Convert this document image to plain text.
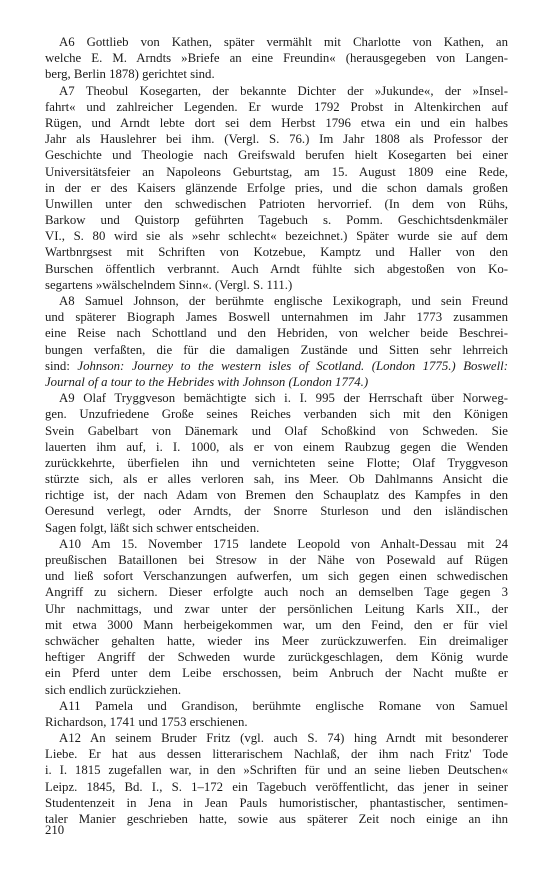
A6 Gottlieb von Kathen, später vermählt mit Charlotte von Kathen, an
welche E. M. Arndts »Briefe an eine Freundin« (herausgegeben von Langen-
berg, Berlin 1878) gerichtet sind.
A7 Theobul Kosegarten, der bekannte Dichter der »Jukunde«, der »Insel-
fahrt« und zahlreicher Legenden. Er wurde 1792 Probst in Altenkirchen auf
Rügen, und Arndt lebte dort sei dem Herbst 1796 etwa ein und ein halbes
Jahr als Hauslehrer bei ihm. (Vergl. S. 76.) Im Jahr 1808 als Professor der
Geschichte und Theologie nach Greifswald berufen hielt Kosegarten bei einer
Universitätsfeier an Napoleons Geburtstag, am 15. August 1809 eine Rede,
in der er des Kaisers glänzende Erfolge pries, und die schon damals großen
Unwillen unter den schwedischen Patrioten hervorrief. (In dem von Rühs,
Barkow und Quistorp geführten Tagebuch s. Pomm. Geschichtsdenkmäler
VI., S. 80 wird sie als »sehr schlecht« bezeichnet.) Später wurde sie auf dem
Wartbnrgsest mit Schriften von Kotzebue, Kamptz und Haller von den
Burschen öffentlich verbrannt. Auch Arndt fühlte sich abgestoßen von Ko-
segartens »wälschelndem Sinn«. (Vergl. S. 111.)
A8 Samuel Johnson, der berühmte englische Lexikograph, und sein Freund
und späterer Biograph James Boswell unternahmen im Jahr 1773 zusammen
eine Reise nach Schottland und den Hebriden, von welcher beide Beschrei-
bungen verfaßten, die für die damaligen Zustände und Sitten sehr lehrreich
sind: Johnson: Journey to the western isles of Scotland. (London 1775.) Boswell:
Journal of a tour to the Hebrides with Johnson (London 1774.)
A9 Olaf Tryggveson bemächtigte sich i. I. 995 der Herrschaft über Norweg-
gen. Unzufriedene Große seines Reiches verbanden sich mit den Königen
Svein Gabelbart von Dänemark und Olaf Schoßkind von Schweden. Sie
lauerten ihm auf, i. I. 1000, als er von einem Raubzug gegen die Wenden
zurückkehrte, überfielen ihn und vernichteten seine Flotte; Olaf Tryggveson
stürzte sich, als er alles verloren sah, ins Meer. Ob Dahlmanns Ansicht die
richtige ist, der nach Adam von Bremen den Schauplatz des Kampfes in den
Oeresund verlegt, oder Arndts, der Snorre Sturleson und den isländischen
Sagen folgt, läßt sich schwer entscheiden.
A10 Am 15. November 1715 landete Leopold von Anhalt-Dessau mit 24
preußischen Bataillonen bei Stresow in der Nähe von Posewald auf Rügen
und ließ sofort Verschanzungen aufwerfen, um sich gegen einen schwedischen
Angriff zu sichern. Dieser erfolgte auch noch an demselben Tage gegen 3
Uhr nachmittags, und zwar unter der persönlichen Leitung Karls XII., der
mit etwa 3000 Mann herbeigekommen war, um den Feind, den er für viel
schwächer gehalten hatte, wieder ins Meer zurückzuwerfen. Ein dreimaliger
heftiger Angriff der Schweden wurde zurückgeschlagen, dem König wurde
ein Pferd unter dem Leibe erschossen, beim Anbruch der Nacht mußte er
sich endlich zurückziehen.
A11 Pamela und Grandison, berühmte englische Romane von Samuel
Richardson, 1741 und 1753 erschienen.
A12 An seinem Bruder Fritz (vgl. auch S. 74) hing Arndt mit besonderer
Liebe. Er hat aus dessen litterarischem Nachlaß, der ihm nach Fritz' Tode
i. I. 1815 zugefallen war, in den »Schriften für und an seine lieben Deutschen«
Leipz. 1845, Bd. I., S. 1–172 ein Tagebuch veröffentlicht, das jener in seiner
Studentenzeit in Jena in Jean Pauls humoristischer, phantastischer, sentimen-
taler Manier geschrieben hatte, sowie aus späterer Zeit noch einige an ihn
210
